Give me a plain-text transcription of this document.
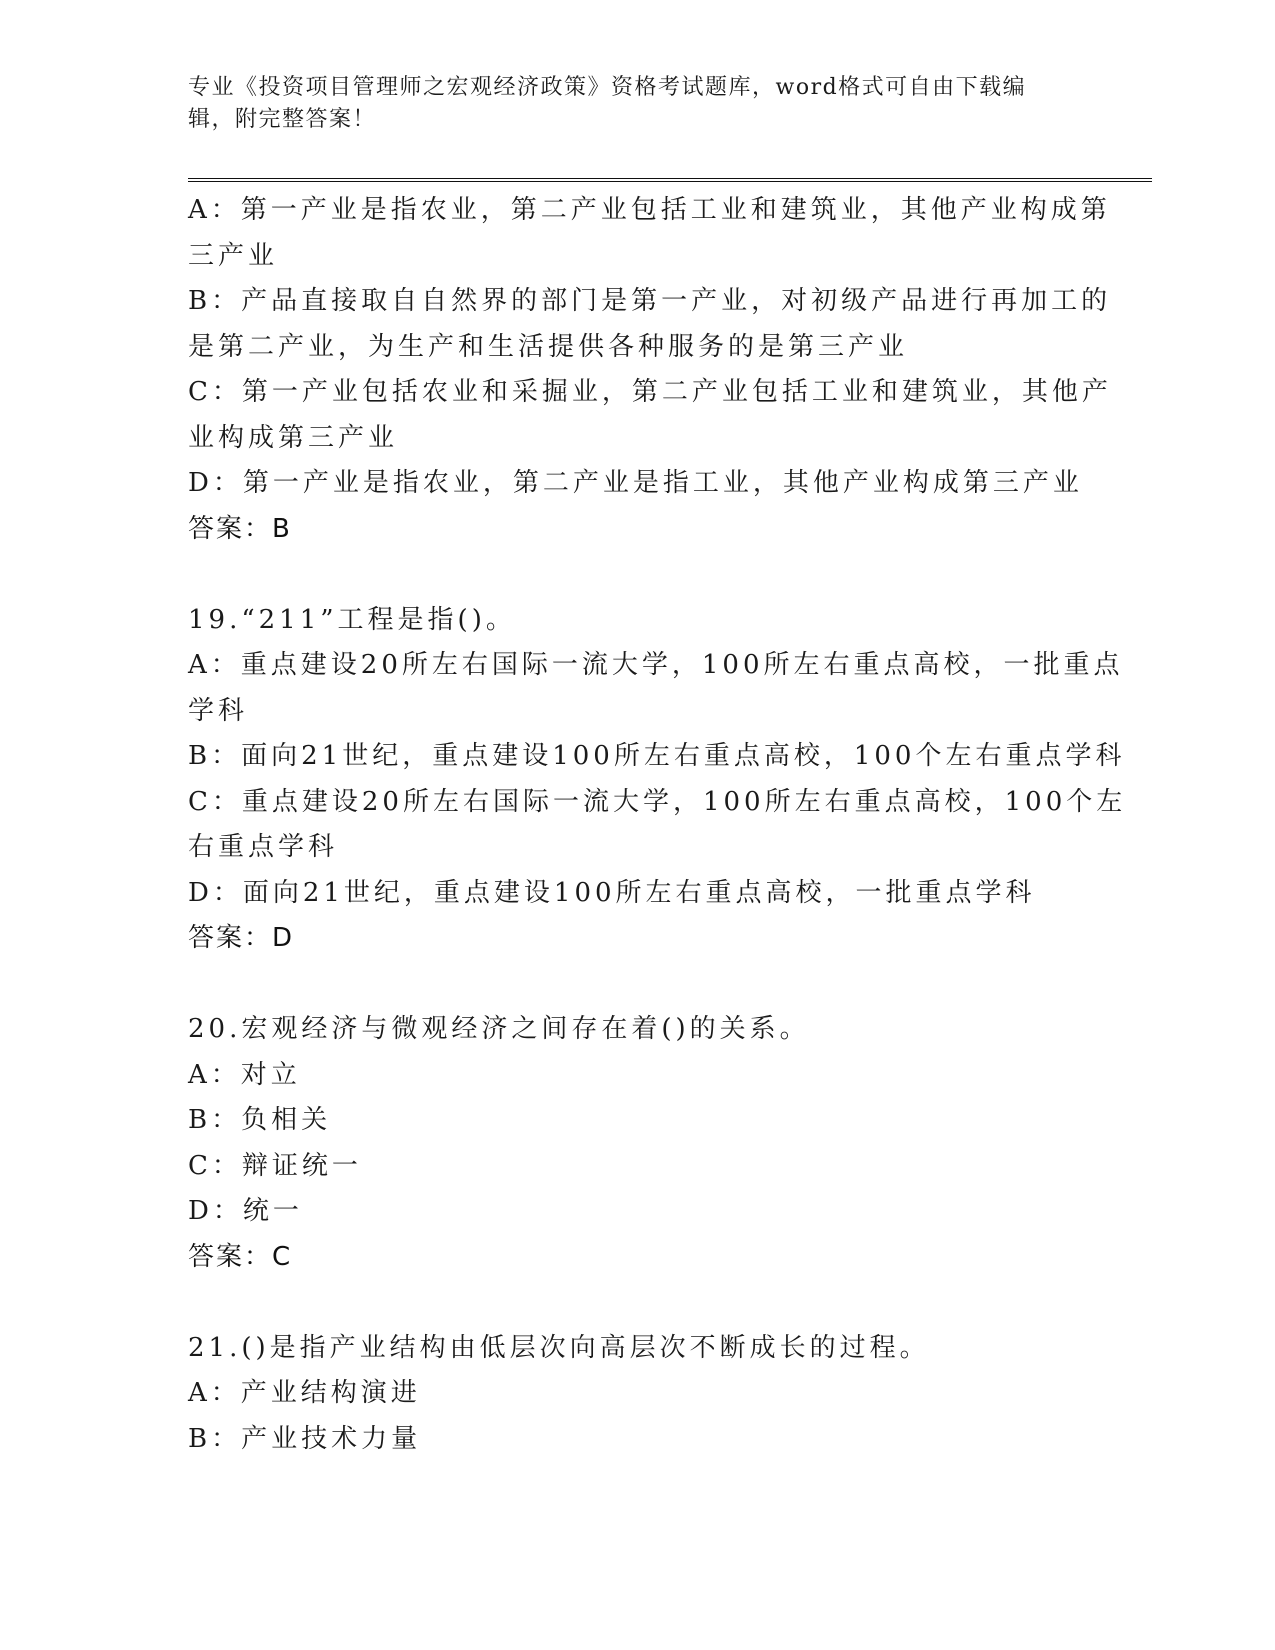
专业《投资项目管理师之宏观经济政策》资格考试题库，word格式可自由下载编
辑，附完整答案！
A：第一产业是指农业，第二产业包括工业和建筑业，其他产业构成第
三产业
B：产品直接取自自然界的部门是第一产业，对初级产品进行再加工的
是第二产业，为生产和生活提供各种服务的是第三产业
C：第一产业包括农业和采掘业，第二产业包括工业和建筑业，其他产
业构成第三产业
D：第一产业是指农业，第二产业是指工业，其他产业构成第三产业
答案：B
19.“211”工程是指()。
A：重点建设20所左右国际一流大学，100所左右重点高校，一批重点
学科
B：面向21世纪，重点建设100所左右重点高校，100个左右重点学科
C：重点建设20所左右国际一流大学，100所左右重点高校，100个左
右重点学科
D：面向21世纪，重点建设100所左右重点高校，一批重点学科
答案：D
20.宏观经济与微观经济之间存在着()的关系。
A：对立
B：负相关
C：辩证统一
D：统一
答案：C
21.()是指产业结构由低层次向高层次不断成长的过程。
A：产业结构演进
B：产业技术力量
